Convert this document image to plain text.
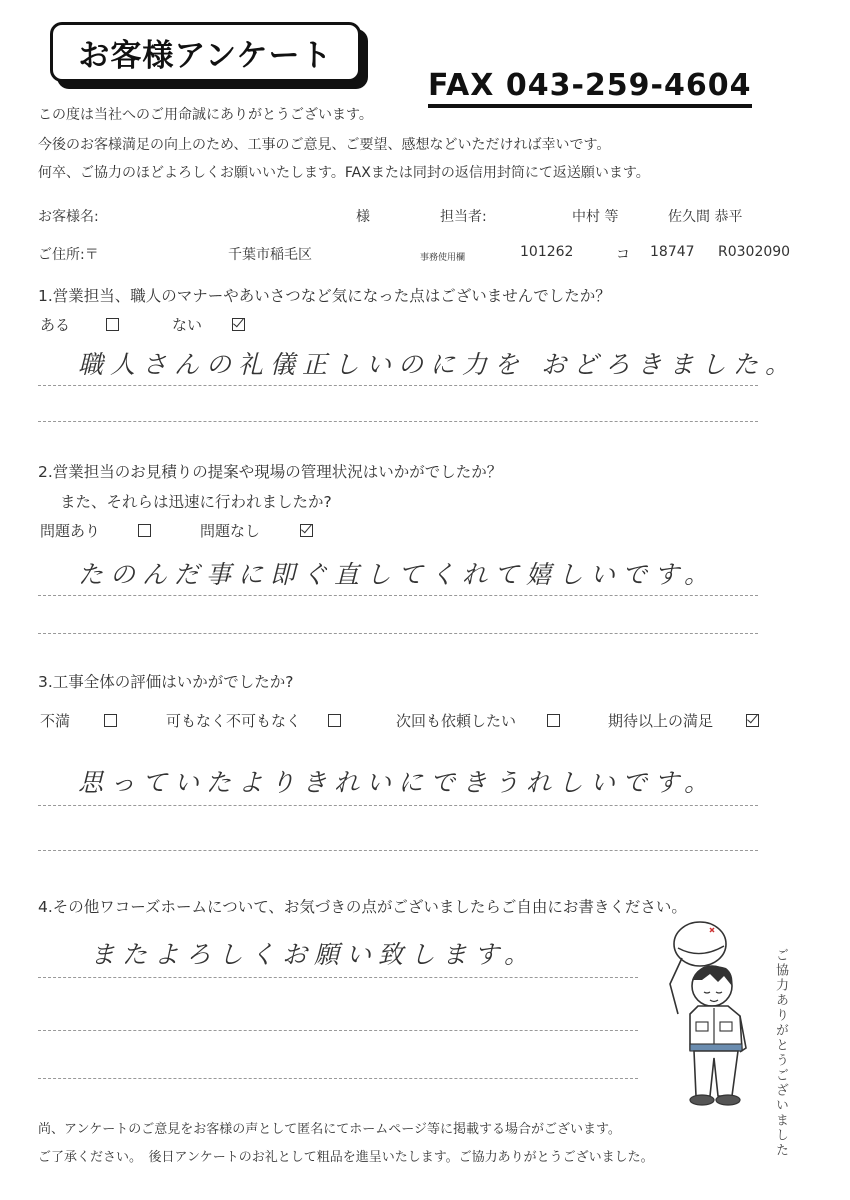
お客様アンケート
FAX 043-259-4604
この度は当社へのご用命誠にありがとうございます。
今後のお客様満足の向上のため、工事のご意見、ご要望、感想などいただければ幸いです。
何卒、ご協力のほどよろしくお願いいたします。FAXまたは同封の返信用封筒にて返送願います。
お客様名:	様	担当者:	中村 等	佐久間 恭平
ご住所:〒	千葉市稲毛区	事務使用欄	101262	コ 18747 R0302090
1.営業担当、職人のマナーやあいさつなど気になった点はございませんでしたか？
ある	ない
職人さんの礼儀正しいのに力を おどろきました。
2.営業担当のお見積りの提案や現場の管理状況はいかがでしたか？
また、それらは迅速に行われましたか?
問題あり	問題なし
たのんだ事に即ぐ直してくれて嬉しいです。
3.工事全体の評価はいかがでしたか?
不満	可もなく不可もなく	次回も依頼したい	期待以上の満足
思っていたよりきれいにできうれしいです。
4.その他ワコーズホームについて、お気づきの点がございましたらご自由にお書きください。
またよろしくお願い致します。	ご協力ありがとうございました
尚、アンケートのご意見をお客様の声として匿名にてホームページ等に掲載する場合がございます。
ご了承ください。　後日アンケートのお礼として粗品を進呈いたします。ご協力ありがとうございました。
